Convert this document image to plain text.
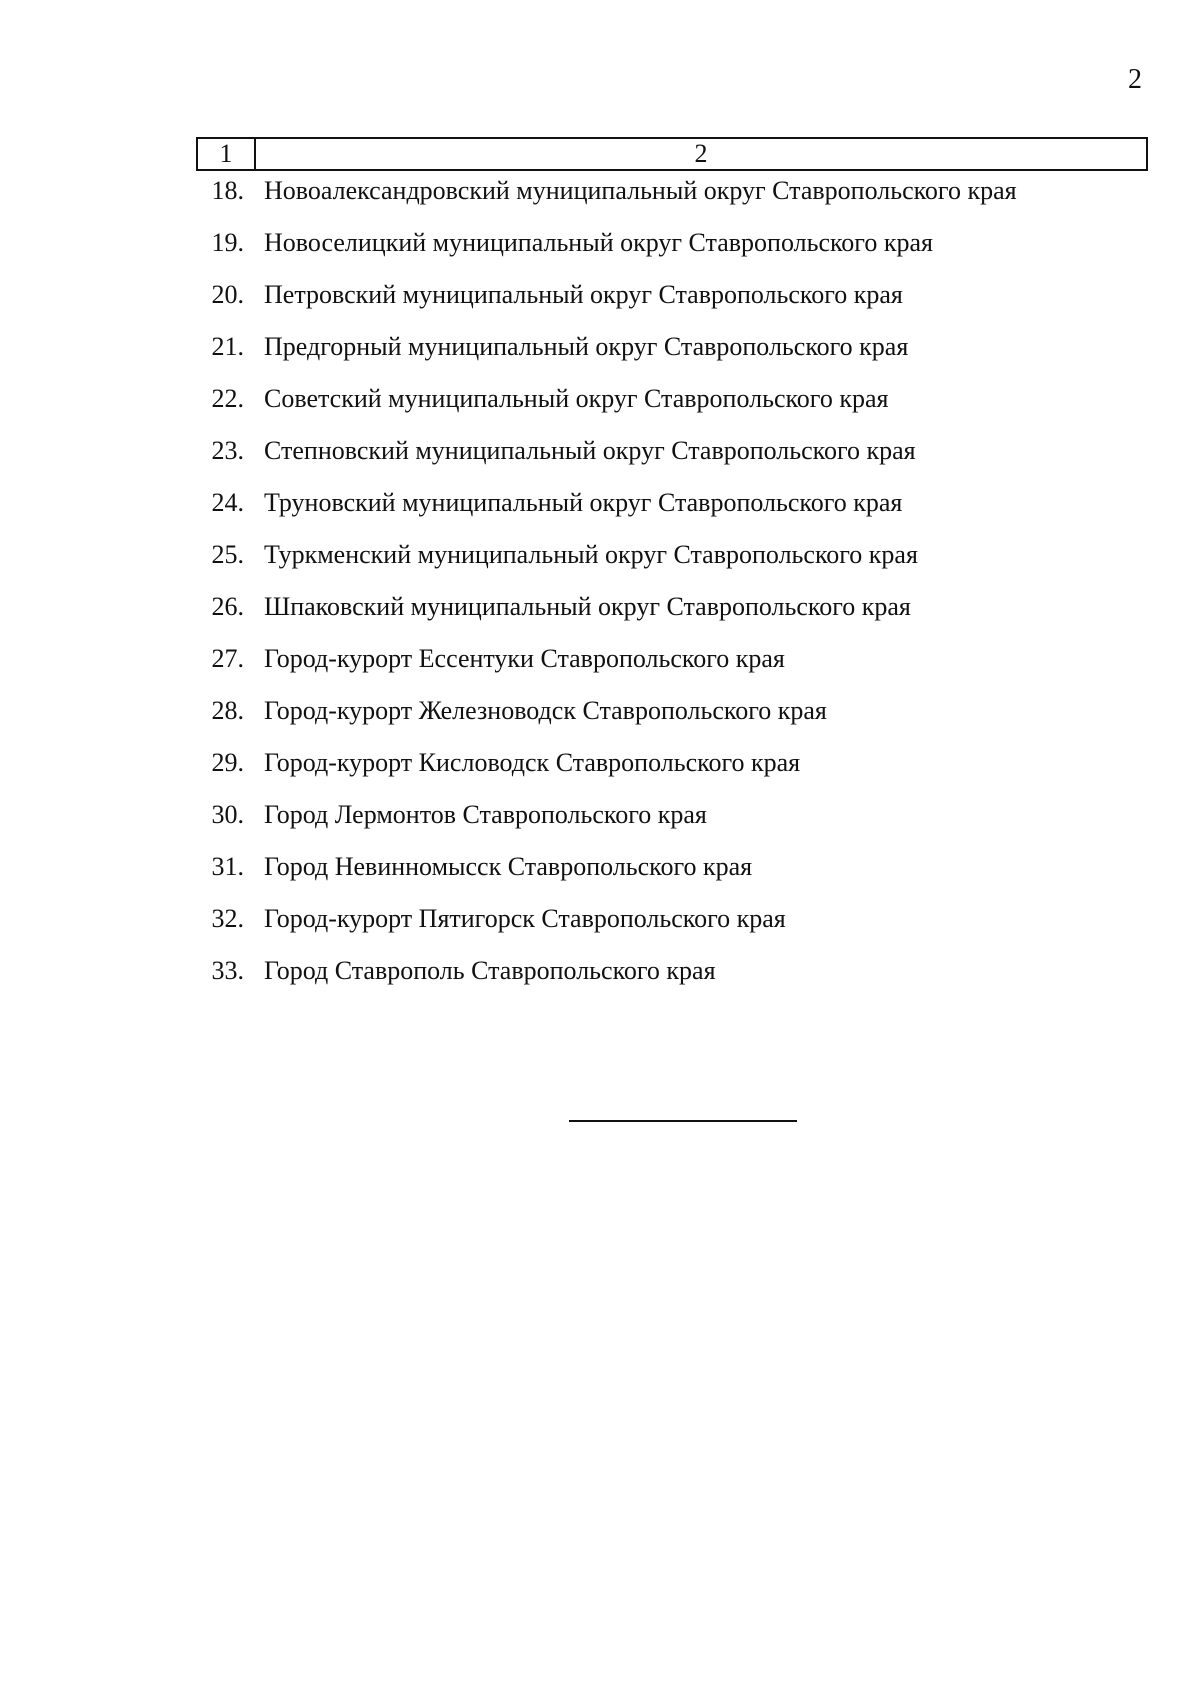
2
1	2
18. Новоалександровский муниципальный округ Ставропольского края
19. Новоселицкий муниципальный округ Ставропольского края
20. Петровский муниципальный округ Ставропольского края
21. Предгорный муниципальный округ Ставропольского края
22. Советский муниципальный округ Ставропольского края
23. Степновский муниципальный округ Ставропольского края
24. Труновский муниципальный округ Ставропольского края
25. Туркменский муниципальный округ Ставропольского края
26. Шпаковский муниципальный округ Ставропольского края
27. Город-курорт Ессентуки Ставропольского края
28. Город-курорт Железноводск Ставропольского края
29. Город-курорт Кисловодск Ставропольского края
30. Город Лермонтов Ставропольского края
31. Город Невинномысск Ставропольского края
32. Город-курорт Пятигорск Ставропольского края
33. Город Ставрополь Ставропольского края
